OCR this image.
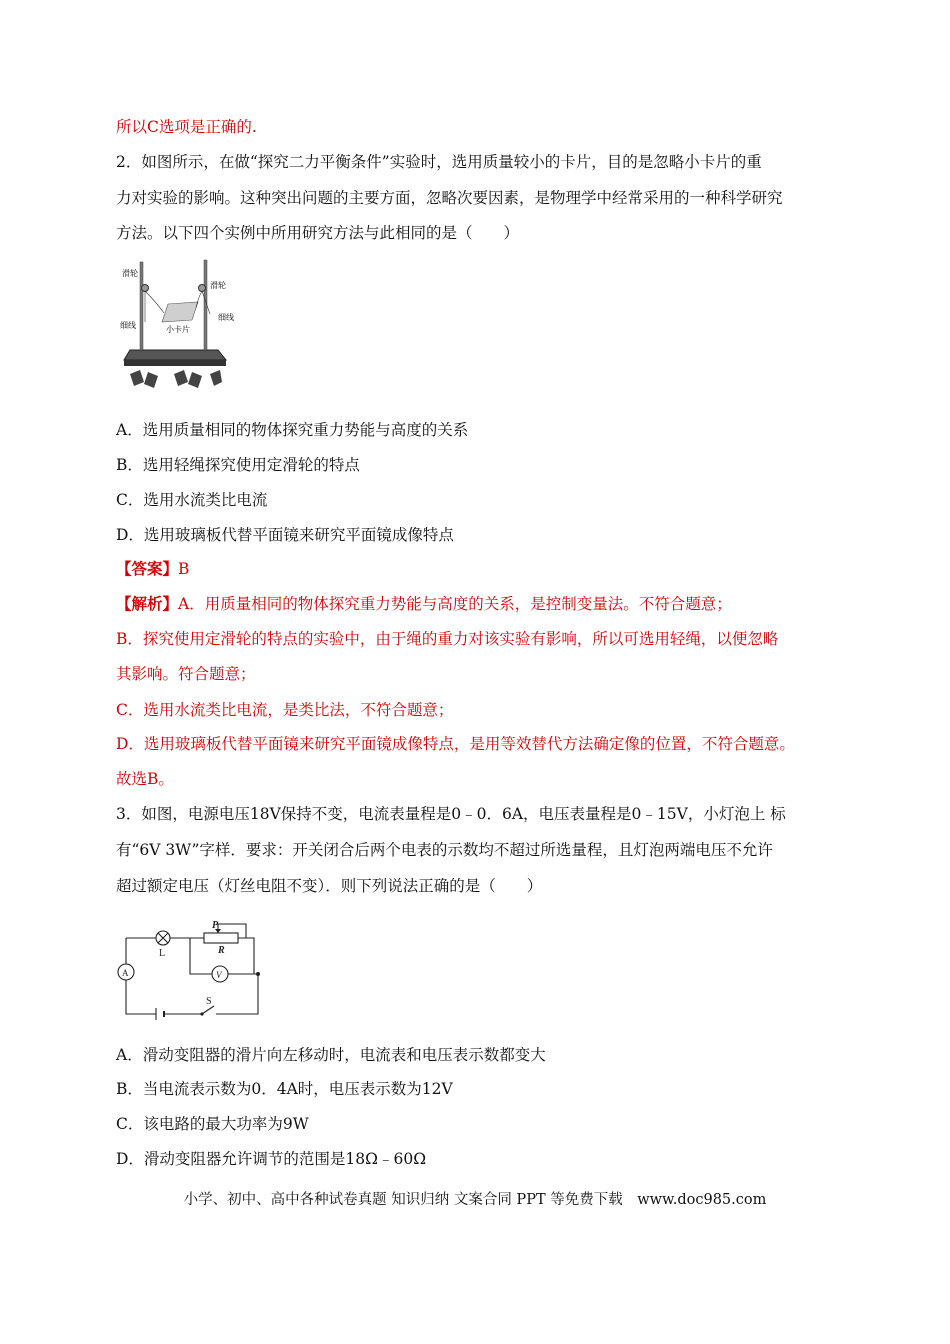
所以C选项是正确的.
2．如图所示，在做“探究二力平衡条件”实验时，选用质量较小的卡片，目的是忽略小卡片的重
力对实验的影响。这种突出问题的主要方面，忽略次要因素，是物理学中经常采用的一种科学研究
方法。以下四个实例中所用研究方法与此相同的是（　　）
滑轮
滑轮
细线
细线
小卡片
A．选用质量相同的物体探究重力势能与高度的关系
B．选用轻绳探究使用定滑轮的特点
C．选用水流类比电流
D．选用玻璃板代替平面镜来研究平面镜成像特点
【答案】B
【解析】A．用质量相同的物体探究重力势能与高度的关系，是控制变量法。不符合题意；
B．探究使用定滑轮的特点的实验中，由于绳的重力对该实验有影响，所以可选用轻绳，以便忽略
其影响。符合题意；
C．选用水流类比电流，是类比法，不符合题意；
D．选用玻璃板代替平面镜来研究平面镜成像特点，是用等效替代方法确定像的位置，不符合题意。
故选B。
3．如图，电源电压18V保持不变，电流表量程是0﹣0．6A，电压表量程是0﹣15V，小灯泡上 标
有“6V 3W”字样．要求：开关闭合后两个电表的示数均不超过所选量程，且灯泡两端电压不允许
超过额定电压（灯丝电阻不变）．则下列说法正确的是（　　）
P
R
L
A	V
S
A．滑动变阻器的滑片向左移动时，电流表和电压表示数都变大
B．当电流表示数为0．4A时，电压表示数为12V
C．该电路的最大功率为9W
D．滑动变阻器允许调节的范围是18Ω﹣60Ω
小学、初中、高中各种试卷真题 知识归纳 文案合同 PPT 等免费下载　www.doc985.com
